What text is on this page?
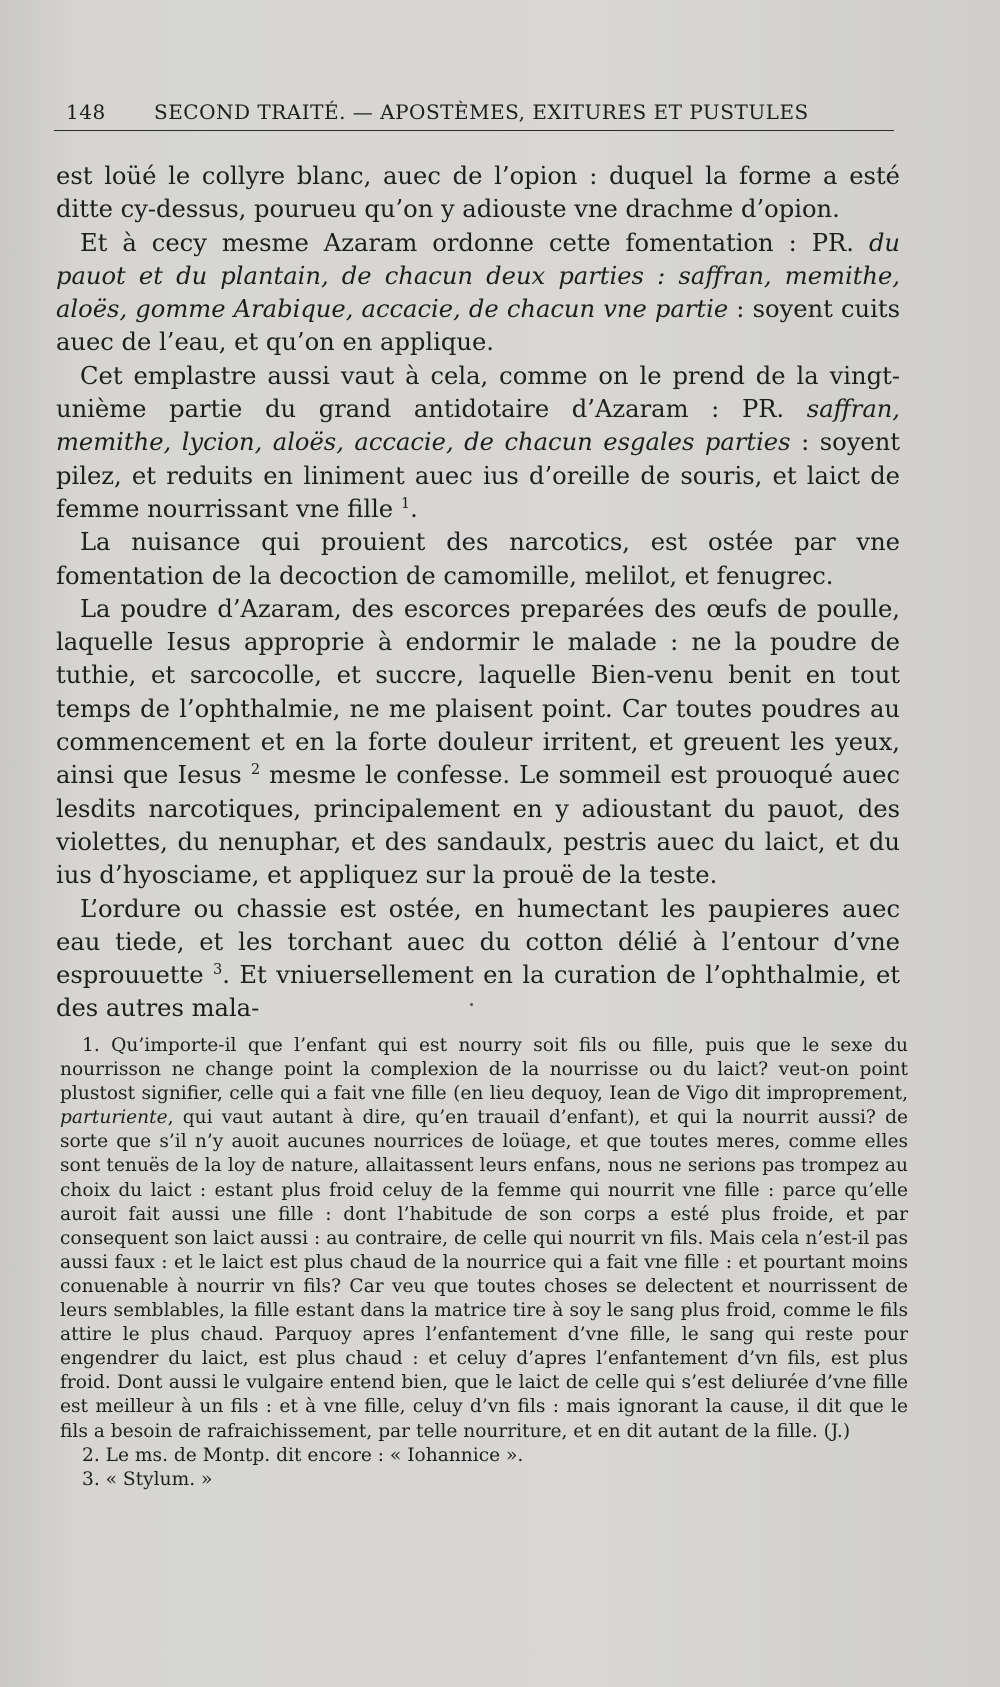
148 SECOND TRAITÉ. — APOSTÈMES, EXITURES ET PUSTULES

est loüé le collyre blanc, auec de l’opion : duquel la forme a esté ditte cy-dessus, pourueu qu’on y adiouste vne drachme d’opion.

Et à cecy mesme Azaram ordonne cette fomentation : PR. du pauot et du plantain, de chacun deux parties : saffran, memithe, aloës, gomme Arabique, accacie, de chacun vne partie : soyent cuits auec de l’eau, et qu’on en applique.

Cet emplastre aussi vaut à cela, comme on le prend de la vingt-unième partie du grand antidotaire d’Azaram : PR. saffran, memithe, lycion, aloës, accacie, de chacun esgales parties : soyent pilez, et reduits en liniment auec ius d’oreille de souris, et laict de femme nourrissant vne fille $^1$.

La nuisance qui prouient des narcotics, est ostée par vne fomentation de la decoction de camomille, melilot, et fenugrec.

La poudre d’Azaram, des escorces preparées des œufs de poulle, laquelle Iesus approprie à endormir le malade : ne la poudre de tuthie, et sarcocolle, et succre, laquelle Bien-venu benit en tout temps de l’ophthalmie, ne me plaisent point. Car toutes poudres au commencement et en la forte douleur irritent, et greuent les yeux, ainsi que Iesus $^2$ mesme le confesse. Le sommeil est prouoqué auec lesdits narcotiques, principalement en y adioustant du pauot, des violettes, du nenuphar, et des sandaulx, pestris auec du laict, et du ius d’hyosciame, et appliquez sur la prouë de la teste.

L’ordure ou chassie est ostée, en humectant les paupieres auec eau tiede, et les torchant auec du cotton délié à l’entour d’vne esprouuette $^3$. Et vniuersellement en la curation de l’ophthalmie, et des autres mala-

1. Qu’importe-il que l’enfant qui est nourry soit fils ou fille, puis que le sexe du nourrisson ne change point la complexion de la nourrisse ou du laict? veut-on point plustost signifier, celle qui a fait vne fille (en lieu dequoy, Iean de Vigo dit improprement, parturiente, qui vaut autant à dire, qu’en trauail d’enfant), et qui la nourrit aussi? de sorte que s’il n’y auoit aucunes nourrices de loüage, et que toutes meres, comme elles sont tenuës de la loy de nature, allaitassent leurs enfans, nous ne serions pas trompez au choix du laict : estant plus froid celuy de la femme qui nourrit vne fille : parce qu’elle auroit fait aussi une fille : dont l’habitude de son corps a esté plus froide, et par consequent son laict aussi : au contraire, de celle qui nourrit vn fils. Mais cela n’est-il pas aussi faux : et le laict est plus chaud de la nourrice qui a fait vne fille : et pourtant moins conuenable à nourrir vn fils? Car veu que toutes choses se delectent et nourrissent de leurs semblables, la fille estant dans la matrice tire à soy le sang plus froid, comme le fils attire le plus chaud. Parquoy apres l’enfantement d’vne fille, le sang qui reste pour engendrer du laict, est plus chaud : et celuy d’apres l’enfantement d’vn fils, est plus froid. Dont aussi le vulgaire entend bien, que le laict de celle qui s’est deliurée d’vne fille est meilleur à un fils : et à vne fille, celuy d’vn fils : mais ignorant la cause, il dit que le fils a besoin de rafraichissement, par telle nourriture, et en dit autant de la fille. (J.)

2. Le ms. de Montp. dit encore : « Iohannice ».

3. « Stylum. »
